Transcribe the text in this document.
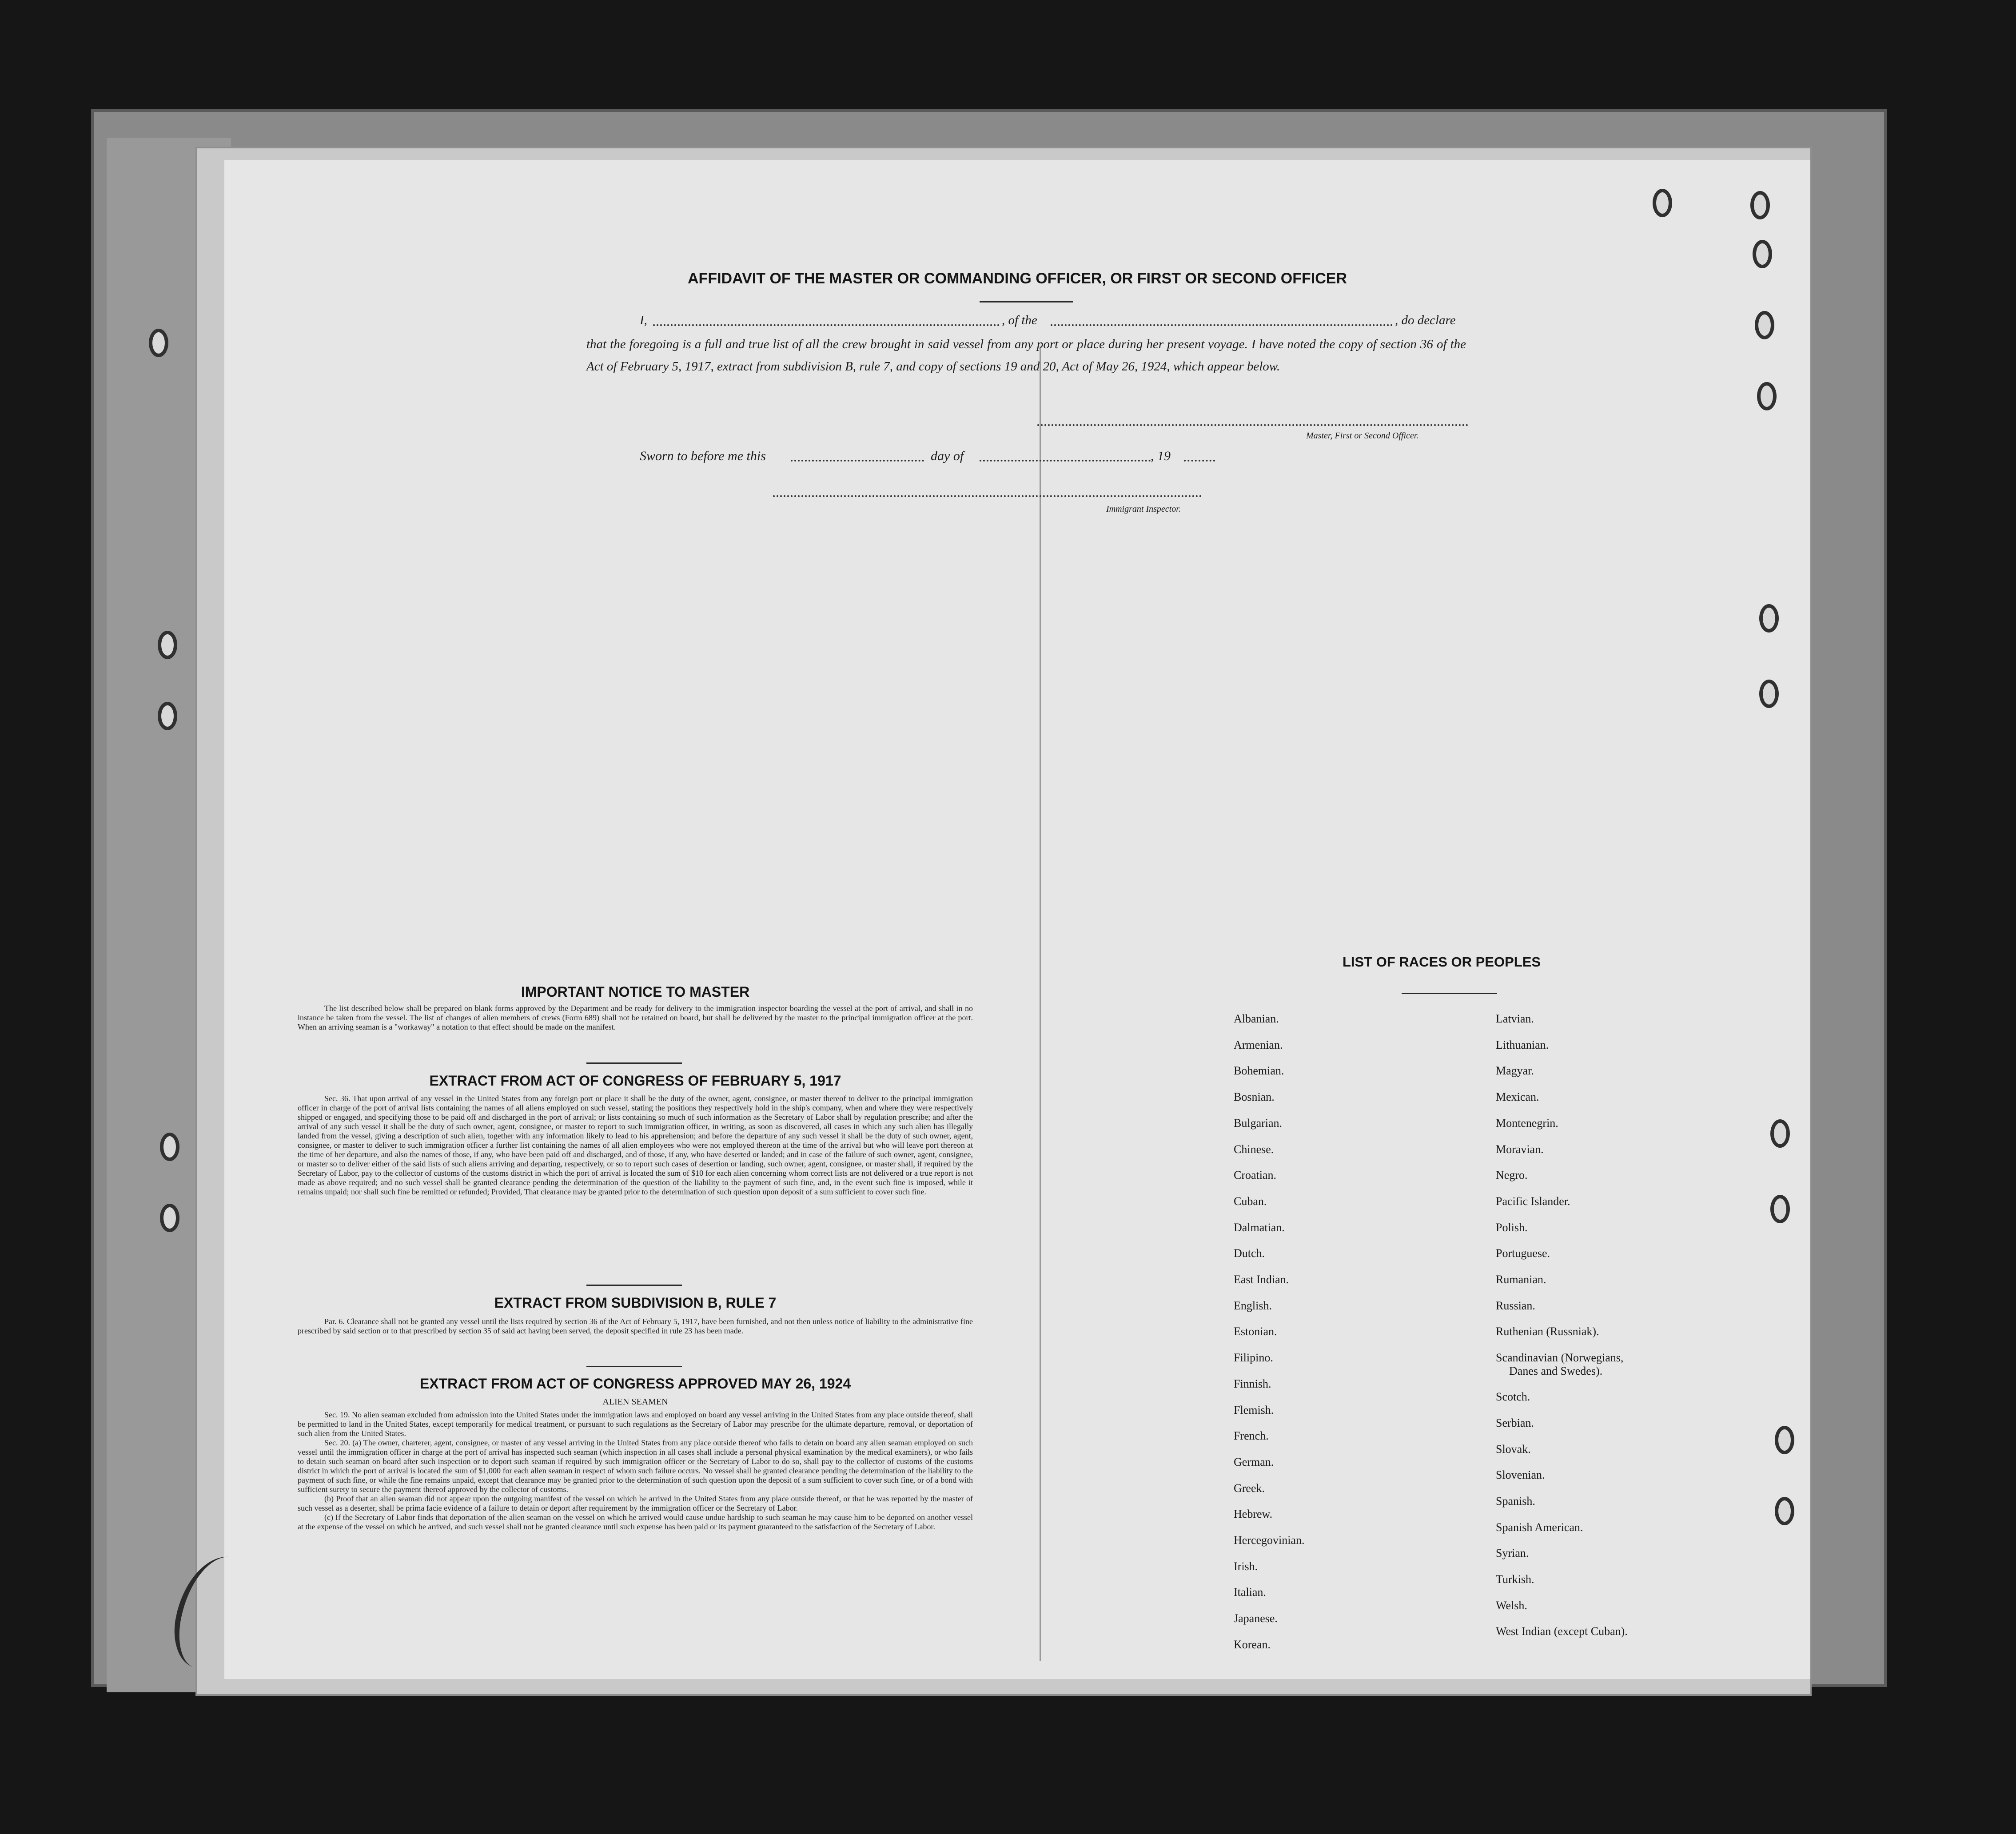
AFFIDAVIT OF THE MASTER OR COMMANDING OFFICER, OR FIRST OR SECOND OFFICER
I,	, of the	, do declare
that the foregoing is a full and true list of all the crew brought in said vessel from any port or place during her present voyage. I have noted the copy of section 36 of the Act of February 5, 1917, extract from subdivision B, rule 7, and copy of sections 19 and 20, Act of May 26, 1924, which appear below.
Master, First or Second Officer.
Sworn to before me this	day of	, 19
Immigrant Inspector.
IMPORTANT NOTICE TO MASTER

The list described below shall be prepared on blank forms approved by the Department and be ready for delivery to the immigration inspector boarding the vessel at the port of arrival, and shall in no instance be taken from the vessel. The list of changes of alien members of crews (Form 689) shall not be retained on board, but shall be delivered by the master to the principal immigration officer at the port. When an arriving seaman is a "workaway" a notation to that effect should be made on the manifest.

EXTRACT FROM ACT OF CONGRESS OF FEBRUARY 5, 1917

Sec. 36. That upon arrival of any vessel in the United States from any foreign port or place it shall be the duty of the owner, agent, consignee, or master thereof to deliver to the principal immigration officer in charge of the port of arrival lists containing the names of all aliens employed on such vessel, stating the positions they respectively hold in the ship's company, when and where they were respectively shipped or engaged, and specifying those to be paid off and discharged in the port of arrival; or lists containing so much of such information as the Secretary of Labor shall by regulation prescribe; and after the arrival of any such vessel it shall be the duty of such owner, agent, consignee, or master to report to such immigration officer, in writing, as soon as discovered, all cases in which any such alien has illegally landed from the vessel, giving a description of such alien, together with any information likely to lead to his apprehension; and before the departure of any such vessel it shall be the duty of such owner, agent, consignee, or master to deliver to such immigration officer a further list containing the names of all alien employees who were not employed thereon at the time of the arrival but who will leave port thereon at the time of her departure, and also the names of those, if any, who have been paid off and discharged, and of those, if any, who have deserted or landed; and in case of the failure of such owner, agent, consignee, or master so to deliver either of the said lists of such aliens arriving and departing, respectively, or so to report such cases of desertion or landing, such owner, agent, consignee, or master shall, if required by the Secretary of Labor, pay to the collector of customs of the customs district in which the port of arrival is located the sum of $10 for each alien concerning whom correct lists are not delivered or a true report is not made as above required; and no such vessel shall be granted clearance pending the determination of the question of the liability to the payment of such fine, and, in the event such fine is imposed, while it remains unpaid; nor shall such fine be remitted or refunded; Provided, That clearance may be granted prior to the determination of such question upon deposit of a sum sufficient to cover such fine.

EXTRACT FROM SUBDIVISION B, RULE 7

Par. 6. Clearance shall not be granted any vessel until the lists required by section 36 of the Act of February 5, 1917, have been furnished, and not then unless notice of liability to the administrative fine prescribed by said section or to that prescribed by section 35 of said act having been served, the deposit specified in rule 23 has been made.

EXTRACT FROM ACT OF CONGRESS APPROVED MAY 26, 1924
ALIEN SEAMEN

Sec. 19. No alien seaman excluded from admission into the United States under the immigration laws and employed on board any vessel arriving in the United States from any place outside thereof, shall be permitted to land in the United States, except temporarily for medical treatment, or pursuant to such regulations as the Secretary of Labor may prescribe for the ultimate departure, removal, or deportation of such alien from the United States.

Sec. 20. (a) The owner, charterer, agent, consignee, or master of any vessel arriving in the United States from any place outside thereof who fails to detain on board any alien seaman employed on such vessel until the immigration officer in charge at the port of arrival has inspected such seaman (which inspection in all cases shall include a personal physical examination by the medical examiners), or who fails to detain such seaman on board after such inspection or to deport such seaman if required by such immigration officer or the Secretary of Labor to do so, shall pay to the collector of customs of the customs district in which the port of arrival is located the sum of $1,000 for each alien seaman in respect of whom such failure occurs. No vessel shall be granted clearance pending the determination of the liability to the payment of such fine, or while the fine remains unpaid, except that clearance may be granted prior to the determination of such question upon the deposit of a sum sufficient to cover such fine, or of a bond with sufficient surety to secure the payment thereof approved by the collector of customs.

(b) Proof that an alien seaman did not appear upon the outgoing manifest of the vessel on which he arrived in the United States from any place outside thereof, or that he was reported by the master of such vessel as a deserter, shall be prima facie evidence of a failure to detain or deport after requirement by the immigration officer or the Secretary of Labor.

(c) If the Secretary of Labor finds that deportation of the alien seaman on the vessel on which he arrived would cause undue hardship to such seaman he may cause him to be deported on another vessel at the expense of the vessel on which he arrived, and such vessel shall not be granted clearance until such expense has been paid or its payment guaranteed to the satisfaction of the Secretary of Labor.

LIST OF RACES OR PEOPLES
Albanian.
Armenian.
Bohemian.
Bosnian.
Bulgarian.
Chinese.
Croatian.
Cuban.
Dalmatian.
Dutch.
East Indian.
English.
Estonian.
Filipino.
Finnish.
Flemish.
French.
German.
Greek.
Hebrew.
Hercegovinian.
Irish.
Italian.
Japanese.
Korean.
Latvian.
Lithuanian.
Magyar.
Mexican.
Montenegrin.
Moravian.
Negro.
Pacific Islander.
Polish.
Portuguese.
Rumanian.
Russian.
Ruthenian (Russniak).
Scandinavian (Norwegians,
Danes and Swedes).
Scotch.
Serbian.
Slovak.
Slovenian.
Spanish.
Spanish American.
Syrian.
Turkish.
Welsh.
West Indian (except Cuban).
